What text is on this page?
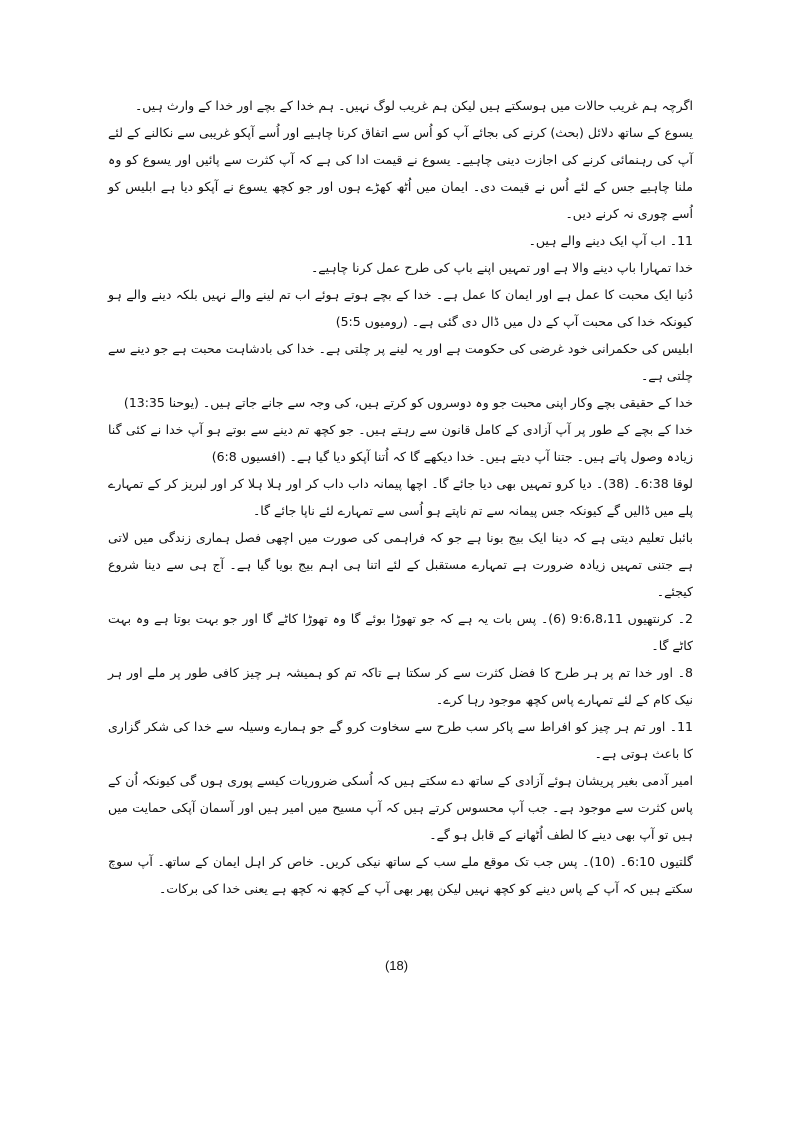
اگرچہ ہم غریب حالات میں ہوسکتے ہیں لیکن ہم غریب لوگ نہیں۔ ہم خدا کے بچے اور خدا کے وارث ہیں۔
یسوع کے ساتھ دلائل (بحث) کرنے کی بجائے آپ کو اُس سے اتفاق کرنا چاہیے اور اُسے آپکو غریبی سے نکالنے کے لئے آپ کی رہنمائی کرنے کی اجازت دینی چاہیے۔ یسوع نے قیمت ادا کی ہے کہ آپ کثرت سے پائیں اور یسوع کو وہ ملنا چاہیے جس کے لئے اُس نے قیمت دی۔ ایمان میں اُٹھ کھڑے ہوں اور جو کچھ یسوع نے آپکو دیا ہے ابلیس کو اُسے چوری نہ کرنے دیں۔
11۔ اب آپ ایک دینے والے ہیں۔
خدا تمہارا باپ دینے والا ہے اور تمہیں اپنے باپ کی طرح عمل کرنا چاہیے۔
دُنیا ایک محبت کا عمل ہے اور ایمان کا عمل ہے۔ خدا کے بچے ہوتے ہوئے اب تم لینے والے نہیں بلکہ دینے والے ہو کیونکہ خدا کی محبت آپ کے دل میں ڈال دی گئی ہے۔ (رومیوں 5:5)
ابلیس کی حکمرانی خود غرضی کی حکومت ہے اور یہ لینے پر چلتی ہے۔ خدا کی بادشاہت محبت ہے جو دینے سے چلتی ہے۔
خدا کے حقیقی بچے وکار اپنی محبت جو وہ دوسروں کو کرتے ہیں، کی وجہ سے جانے جاتے ہیں۔ (یوحنا 13:35)
خدا کے بچے کے طور پر آپ آزادی کے کامل قانون سے رہتے ہیں۔ جو کچھ تم دینے سے بوتے ہو آپ خدا نے کئی گنا زیادہ وصول پاتے ہیں۔ جتنا آپ دیتے ہیں۔ خدا دیکھے گا کہ اُتنا آپکو دیا گیا ہے۔ (افسیوں 6:8)
لوقا 6:38۔ (38)۔ دیا کرو تمہیں بھی دیا جائے گا۔ اچھا پیمانہ داب داب کر اور ہلا ہلا کر اور لبریز کر کے تمہارے پلے میں ڈالیں گے کیونکہ جس پیمانہ سے تم ناپتے ہو اُسی سے تمہارے لئے ناپا جائے گا۔
بائبل تعلیم دیتی ہے کہ دینا ایک بیج بونا ہے جو کہ فراہمی کی صورت میں اچھی فصل ہماری زندگی میں لاتی ہے جتنی تمہیں زیادہ ضرورت ہے تمہارے مستقبل کے لئے اتنا ہی اہم بیج بویا گیا ہے۔ آج ہی سے دینا شروع کیجئے۔
2۔ کرنتھیوں 9:6،8،11 (6)۔ پس بات یہ ہے کہ جو تھوڑا بوئے گا وہ تھوڑا کاٹے گا اور جو بہت بوتا ہے وہ بہت کاٹے گا۔
8۔ اور خدا تم پر ہر طرح کا فضل کثرت سے کر سکتا ہے تاکہ تم کو ہمیشہ ہر چیز کافی طور پر ملے اور ہر نیک کام کے لئے تمہارے پاس کچھ موجود رہا کرے۔
11۔ اور تم ہر چیز کو افراط سے پاکر سب طرح سے سخاوت کرو گے جو ہمارے وسیلہ سے خدا کی شکر گزاری کا باعث ہوتی ہے۔
امیر آدمی بغیر پریشان ہوئے آزادی کے ساتھ دے سکتے ہیں کہ اُسکی ضروریات کیسے پوری ہوں گی کیونکہ اُن کے پاس کثرت سے موجود ہے۔ جب آپ محسوس کرتے ہیں کہ آپ مسیح میں امیر ہیں اور آسمان آپکی حمایت میں ہیں تو آپ بھی دینے کا لطف اُٹھانے کے قابل ہو گے۔
گلتیوں 6:10۔ (10)۔ پس جب تک موقع ملے سب کے ساتھ نیکی کریں۔ خاص کر اہل ایمان کے ساتھ۔ آپ سوچ سکتے ہیں کہ آپ کے پاس دینے کو کچھ نہیں لیکن پھر بھی آپ کے کچھ نہ کچھ ہے یعنی خدا کی برکات۔
(18)
